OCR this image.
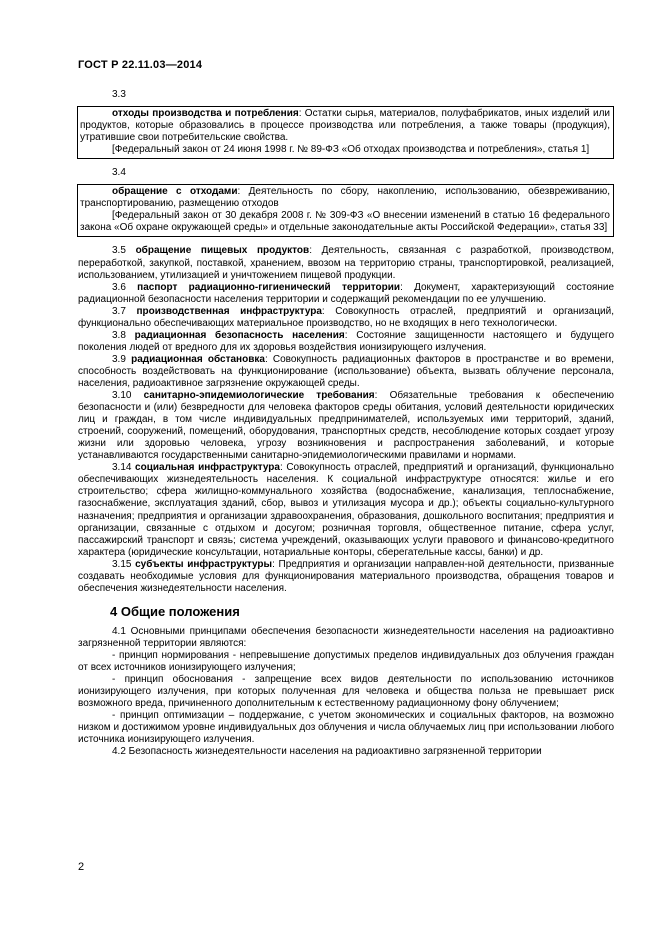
ГОСТ Р 22.11.03—2014
3.3

отходы производства и потребления: Остатки сырья, материалов, полуфабрикатов, иных изделий или продуктов, которые образовались в процессе производства или потребления, а также товары (продукция), утратившие свои потребительские свойства.

[Федеральный закон от 24 июня 1998 г. № 89-ФЗ «Об отходах производства и потребления», статья 1]

3.4

обращение с отходами: Деятельность по сбору, накоплению, использованию, обезвреживанию, транспортированию, размещению отходов

[Федеральный закон от 30 декабря 2008 г. № 309-ФЗ «О внесении изменений в статью 16 федерального закона «Об охране окружающей среды» и отдельные законодательные акты Российской Федерации», статья 33]

3.5 обращение пищевых продуктов: Деятельность, связанная с разработкой, производством, переработкой, закупкой, поставкой, хранением, ввозом на территорию страны, транспортировкой, реализацией, использованием, утилизацией и уничтожением пищевой продукции.

3.6 паспорт радиационно-гигиенический территории: Документ, характеризующий состояние радиационной безопасности населения территории и содержащий рекомендации по ее улучшению.

3.7 производственная инфраструктура: Совокупность отраслей, предприятий и организаций, функционально обеспечивающих материальное производство, но не входящих в него технологически.

3.8 радиационная безопасность населения: Состояние защищенности настоящего и будущего поколения людей от вредного для их здоровья воздействия ионизирующего излучения.

3.9 радиационная обстановка: Совокупность радиационных факторов в пространстве и во времени, способность воздействовать на функционирование (использование) объекта, вызвать облучение персонала, населения, радиоактивное загрязнение окружающей среды.

3.10 санитарно-эпидемиологические требования: Обязательные требования к обеспечению безопасности и (или) безвредности для человека факторов среды обитания, условий деятельности юридических лиц и граждан, в том числе индивидуальных предпринимателей, используемых ими территорий, зданий, строений, сооружений, помещений, оборудования, транспортных средств, несоблюдение которых создает угрозу жизни или здоровью человека, угрозу возникновения и распространения заболеваний, и которые устанавливаются государственными санитарно-эпидемиологическими правилами и нормами.

3.14 социальная инфраструктура: Совокупность отраслей, предприятий и организаций, функционально обеспечивающих жизнедеятельность населения. К социальной инфраструктуре относятся: жилье и его строительство; сфера жилищно-коммунального хозяйства (водоснабжение, канализация, теплоснабжение, газоснабжение, эксплуатация зданий, сбор, вывоз и утилизация мусора и др.); объекты социально-культурного назначения; предприятия и организации здравоохранения, образования, дошкольного воспитания; предприятия и организации, связанные с отдыхом и досугом; розничная торговля, общественное питание, сфера услуг, пассажирский транспорт и связь; система учреждений, оказывающих услуги правового и финансово-кредитного характера (юридические консультации, нотариальные конторы, сберегательные кассы, банки) и др.

3.15 субъекты инфраструктуры: Предприятия и организации направлен-ной деятельности, призванные создавать необходимые условия для функционирования материального производства, обращения товаров и обеспечения жизнедеятельности населения.

4 Общие положения

4.1 Основными принципами обеспечения безопасности жизнедеятельности населения на радиоактивно загрязненной территории являются:

- принцип нормирования - непревышение допустимых пределов индивидуальных доз облучения граждан от всех источников ионизирующего излучения;

- принцип обоснования - запрещение всех видов деятельности по использованию источников ионизирующего излучения, при которых полученная для человека и общества польза не превышает риск возможного вреда, причиненного дополнительным к естественному радиационному фону облучением;

- принцип оптимизации – поддержание, с учетом экономических и социальных факторов, на возможно низком и достижимом уровне индивидуальных доз облучения и числа облучаемых лиц при использовании любого источника ионизирующего излучения.

4.2 Безопасность жизнедеятельности населения на радиоактивно загрязненной территории

2
